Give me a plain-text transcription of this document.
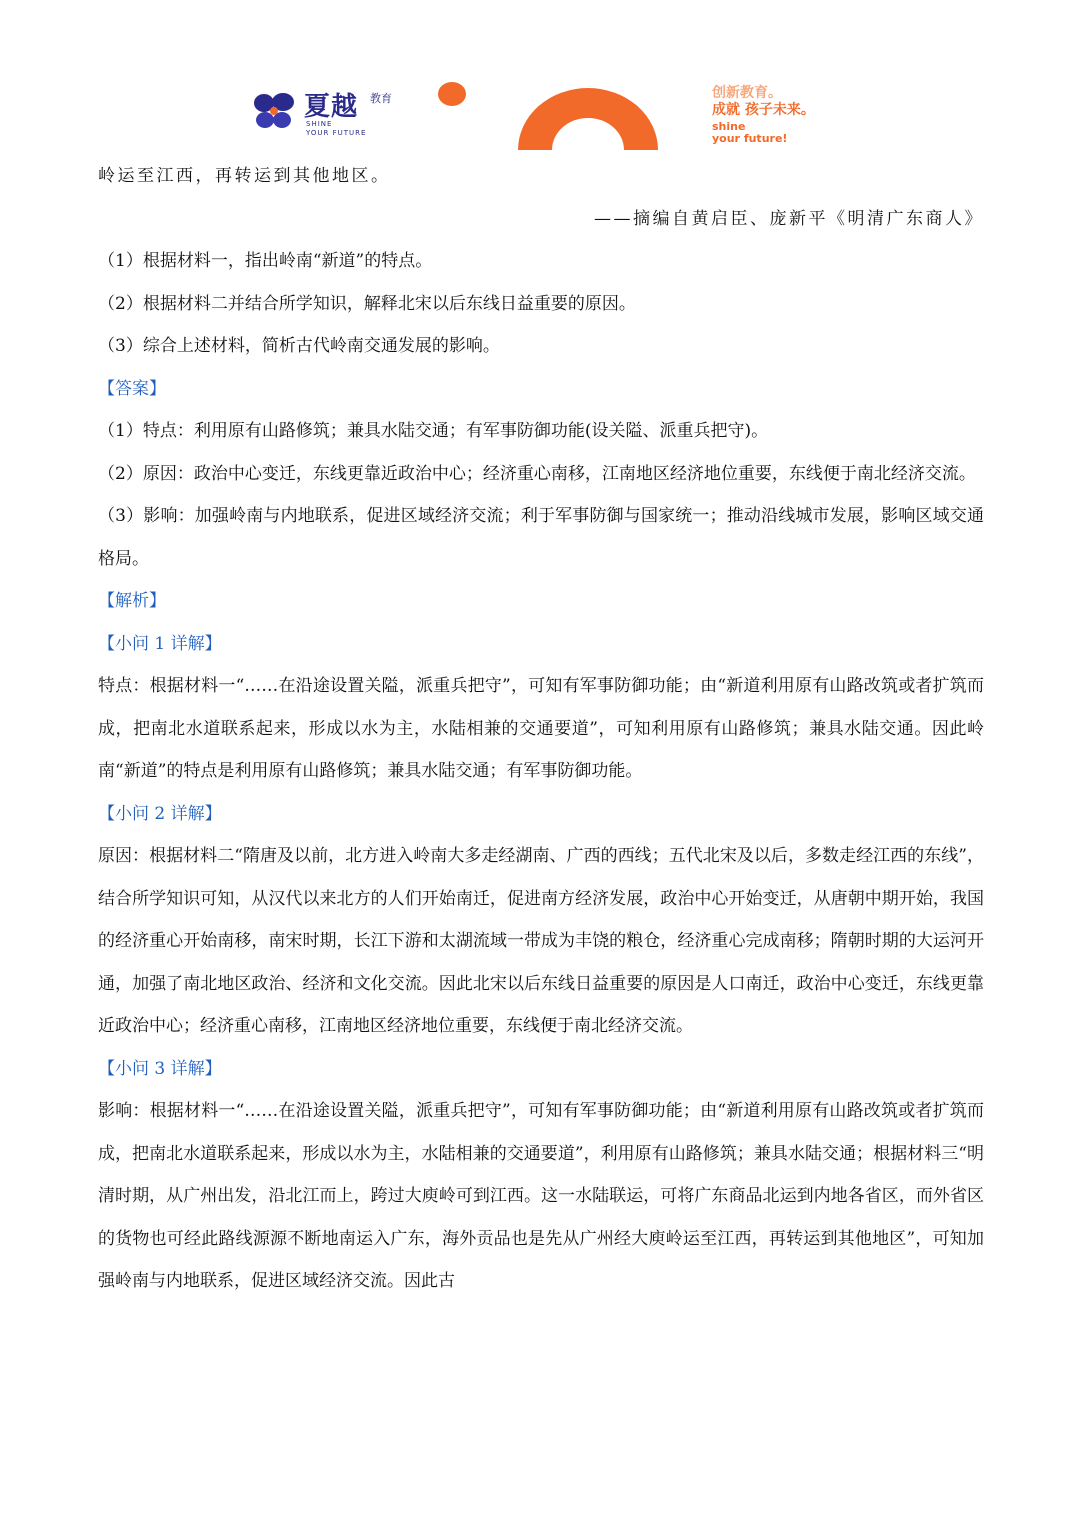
夏越 教育
SHINE
YOUR FUTURE
创新教育。
成就 孩子未来。
shine
your future!

岭运至江西，再转运到其他地区。

——摘编自黄启臣、庞新平《明清广东商人》

（1）根据材料一，指出岭南“新道”的特点。

（2）根据材料二并结合所学知识，解释北宋以后东线日益重要的原因。

（3）综合上述材料，简析古代岭南交通发展的影响。

【答案】

（1）特点：利用原有山路修筑；兼具水陆交通；有军事防御功能(设关隘、派重兵把守)。

（2）原因：政治中心变迁，东线更靠近政治中心；经济重心南移，江南地区经济地位重要，东线便于南北经济交流。

（3）影响：加强岭南与内地联系，促进区域经济交流；利于军事防御与国家统一；推动沿线城市发展，影响区域交通格局。

【解析】

【小问 1 详解】

特点：根据材料一“……在沿途设置关隘，派重兵把守”，可知有军事防御功能；由“新道利用原有山路改筑或者扩筑而成，把南北水道联系起来，形成以水为主，水陆相兼的交通要道”，可知利用原有山路修筑；兼具水陆交通。因此岭南“新道”的特点是利用原有山路修筑；兼具水陆交通；有军事防御功能。

【小问 2 详解】

原因：根据材料二“隋唐及以前，北方进入岭南大多走经湖南、广西的西线；五代北宋及以后，多数走经江西的东线”，结合所学知识可知，从汉代以来北方的人们开始南迁，促进南方经济发展，政治中心开始变迁，从唐朝中期开始，我国的经济重心开始南移，南宋时期，长江下游和太湖流域一带成为丰饶的粮仓，经济重心完成南移；隋朝时期的大运河开通，加强了南北地区政治、经济和文化交流。因此北宋以后东线日益重要的原因是人口南迁，政治中心变迁，东线更靠近政治中心；经济重心南移，江南地区经济地位重要，东线便于南北经济交流。

【小问 3 详解】

影响：根据材料一“……在沿途设置关隘，派重兵把守”，可知有军事防御功能；由“新道利用原有山路改筑或者扩筑而成，把南北水道联系起来，形成以水为主，水陆相兼的交通要道”，利用原有山路修筑；兼具水陆交通；根据材料三“明清时期，从广州出发，沿北江而上，跨过大庾岭可到江西。这一水陆联运，可将广东商品北运到内地各省区，而外省区的货物也可经此路线源源不断地南运入广东，海外贡品也是先从广州经大庾岭运至江西，再转运到其他地区”，可知加强岭南与内地联系，促进区域经济交流。因此古
